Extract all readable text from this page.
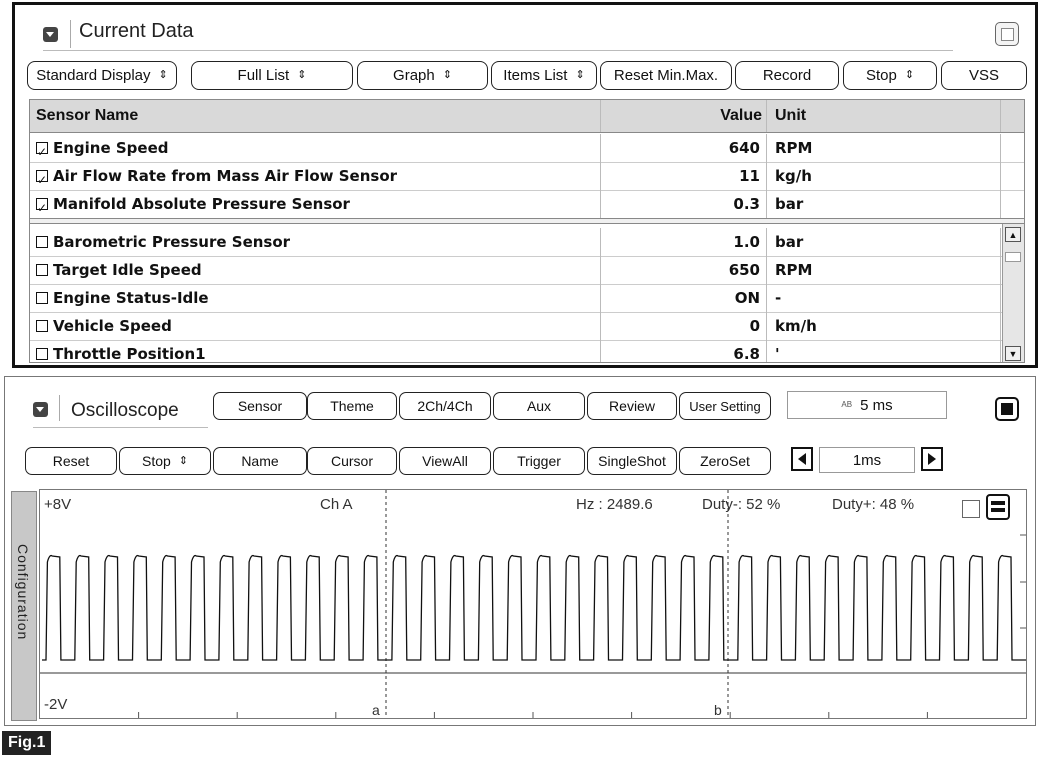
Current Data
Standard Display ⇕	Full List ⇕	Graph ⇕	Items List ⇕ Reset Min.Max.	Record	Stop ⇕	VSS
Sensor Name	Value Unit
✓Engine Speed	640 RPM
✓Air Flow Rate from Mass Air Flow Sensor	11 kg/h
✓Manifold Absolute Pressure Sensor	0.3 bar
Barometric Pressure Sensor	1.0 bar
Target Idle Speed	650 RPM
Engine Status-Idle	ON -
Vehicle Speed	0 km/h
Throttle Position1	6.8 '
▲
▼
Oscilloscope	Sensor	Theme	2Ch/4Ch	Aux	Review	User Setting	AB 5 ms
Reset	Stop ⇕	Name	Cursor	ViewAll	Trigger	SingleShot ZeroSet	1ms
Configuration
+8V	Ch A	Hz : 2489.6	Duty-: 52 %	Duty+: 48 %
-2V	a	b
Fig.1
